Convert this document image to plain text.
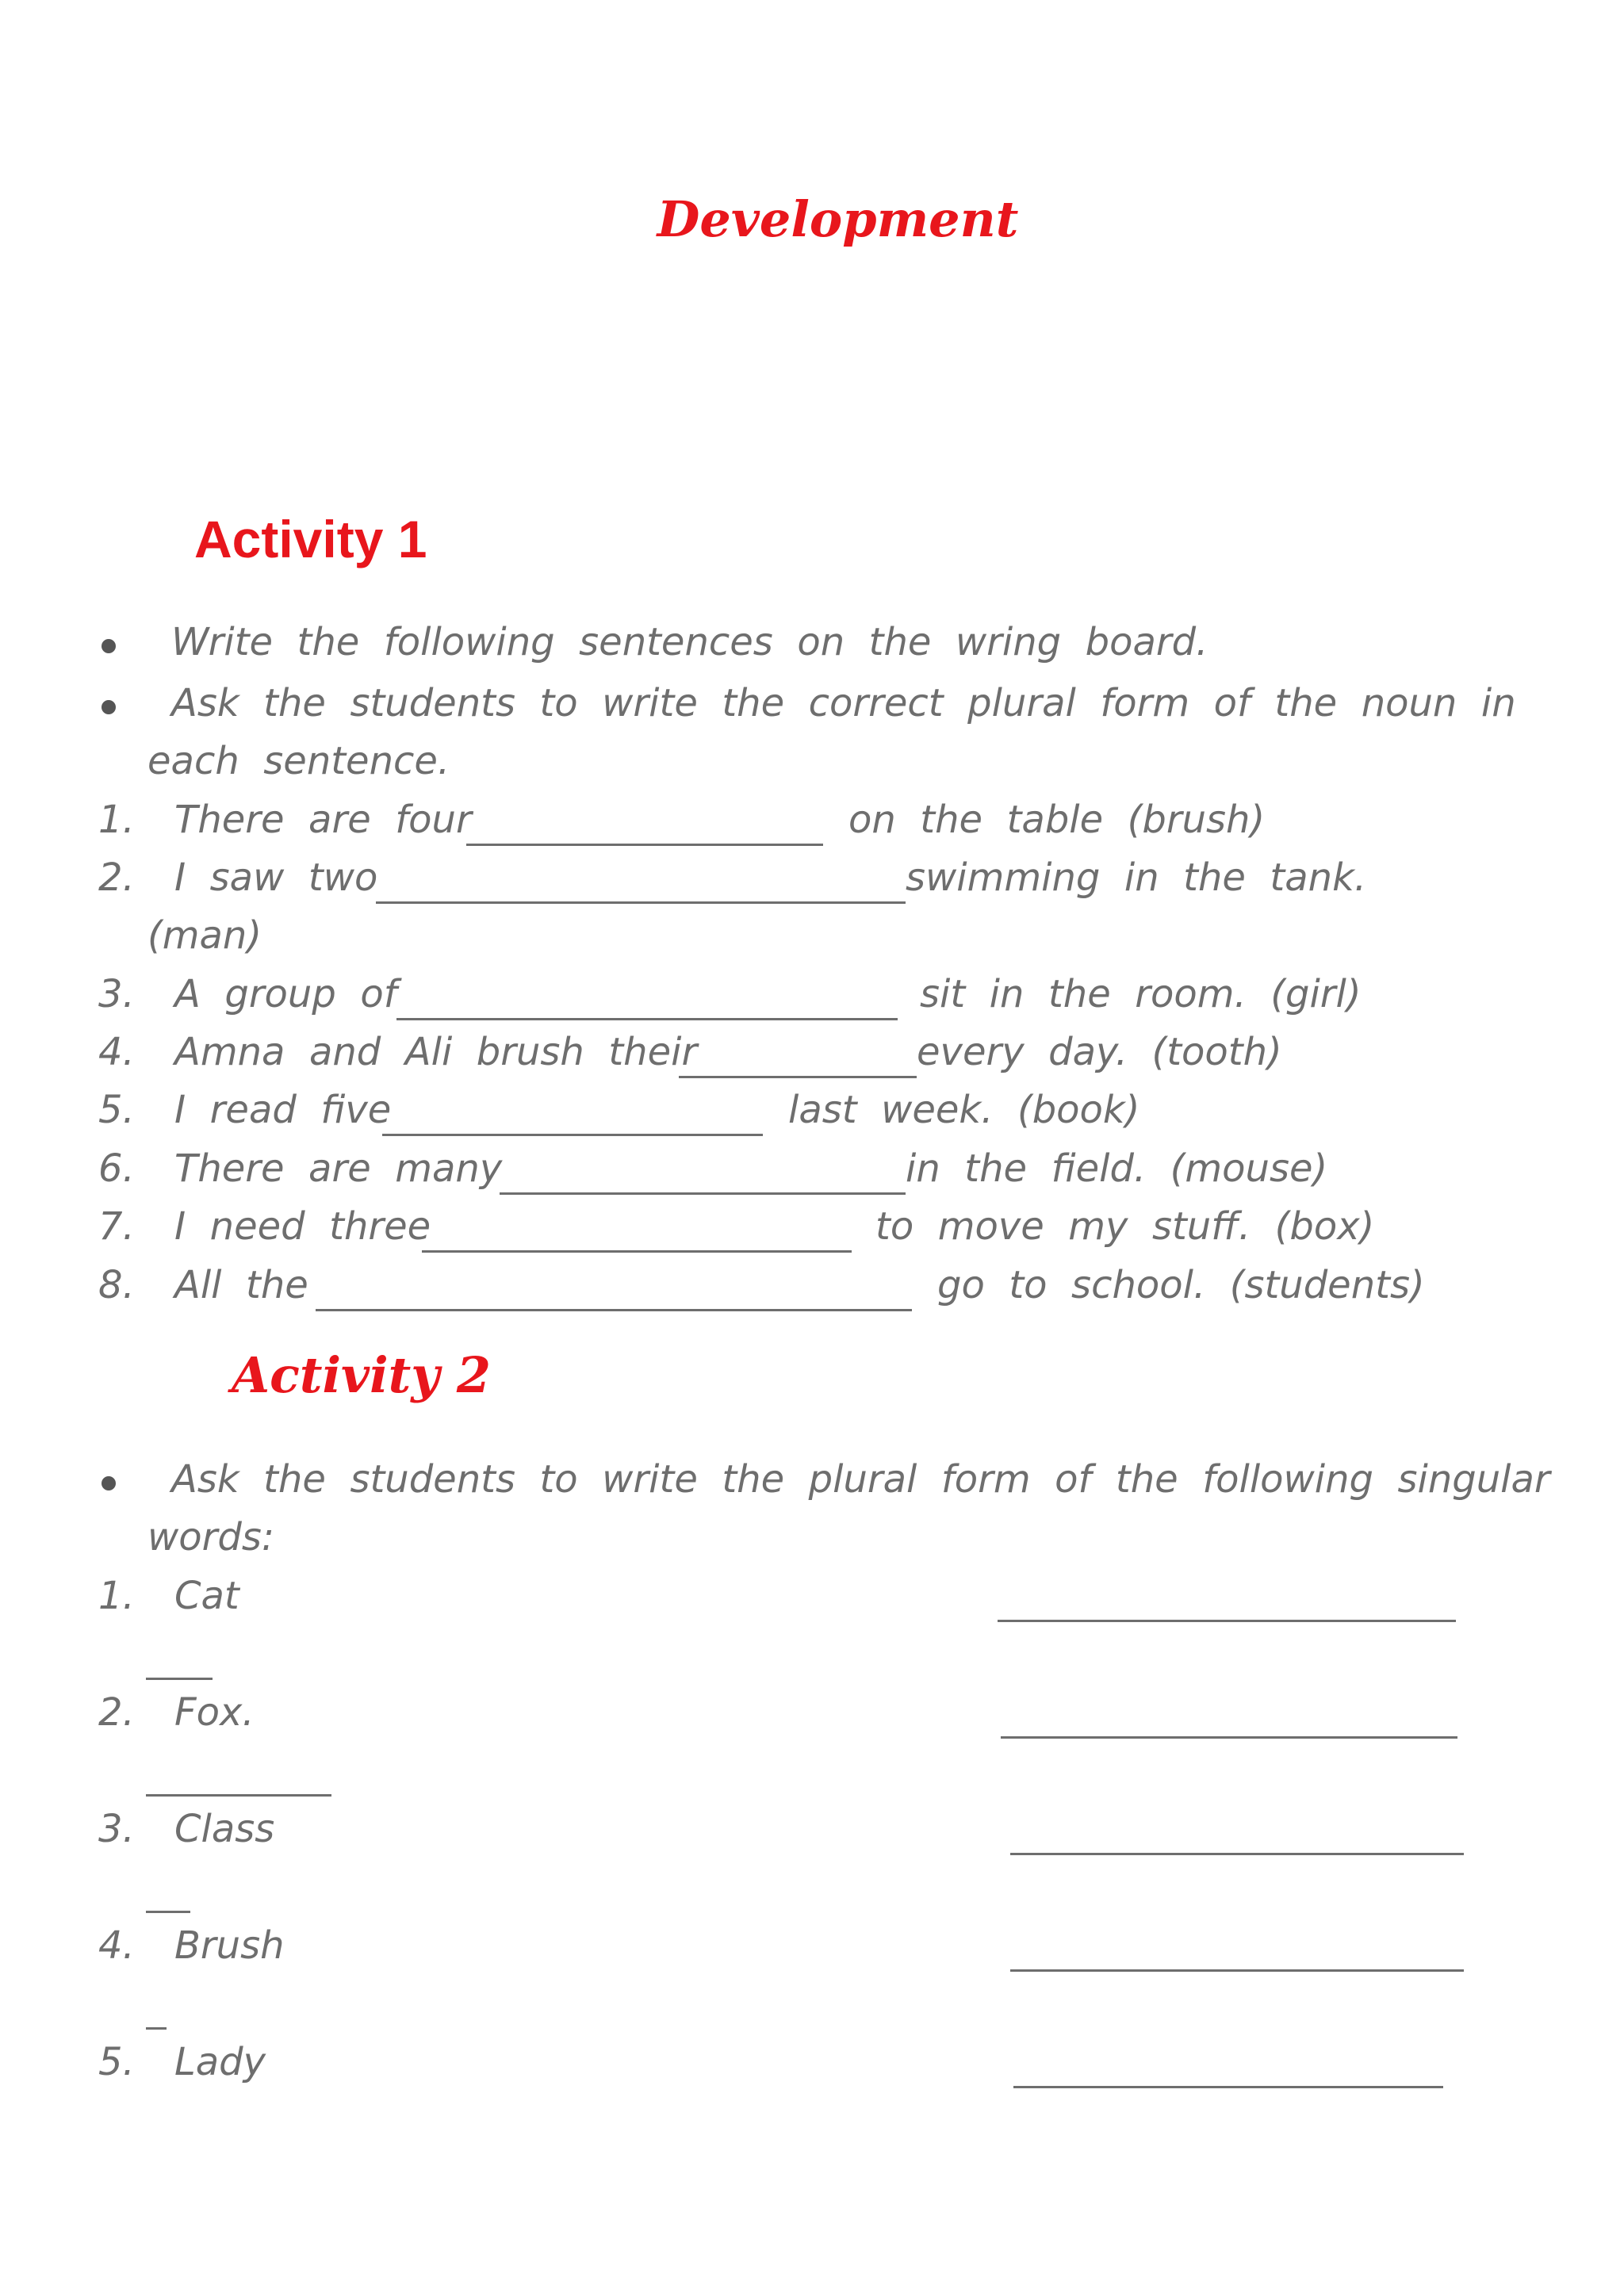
Development
Activity 1
Write  the  following  sentences  on  the  wring  board.
Ask  the  students  to  write  the  correct  plural  form  of  the  noun  in
each  sentence.
1. There  are  four	on  the  table  (brush)
2. I  saw  two	swimming  in  the  tank.
(man)
3. A  group  of	sit  in  the  room.  (girl)
4. Amna  and  Ali  brush  their	every  day.  (tooth)
5. I  read  five	last  week.  (book)
6. There  are  many	in  the  field.  (mouse)
7. I  need  three	to  move  my  stuff.  (box)
8. All  the	go  to  school.  (students)
Activity 2
Ask  the  students  to  write  the  plural  form  of  the  following  singular
words:
1. Cat
2. Fox.
3. Class
4. Brush
5. Lady
